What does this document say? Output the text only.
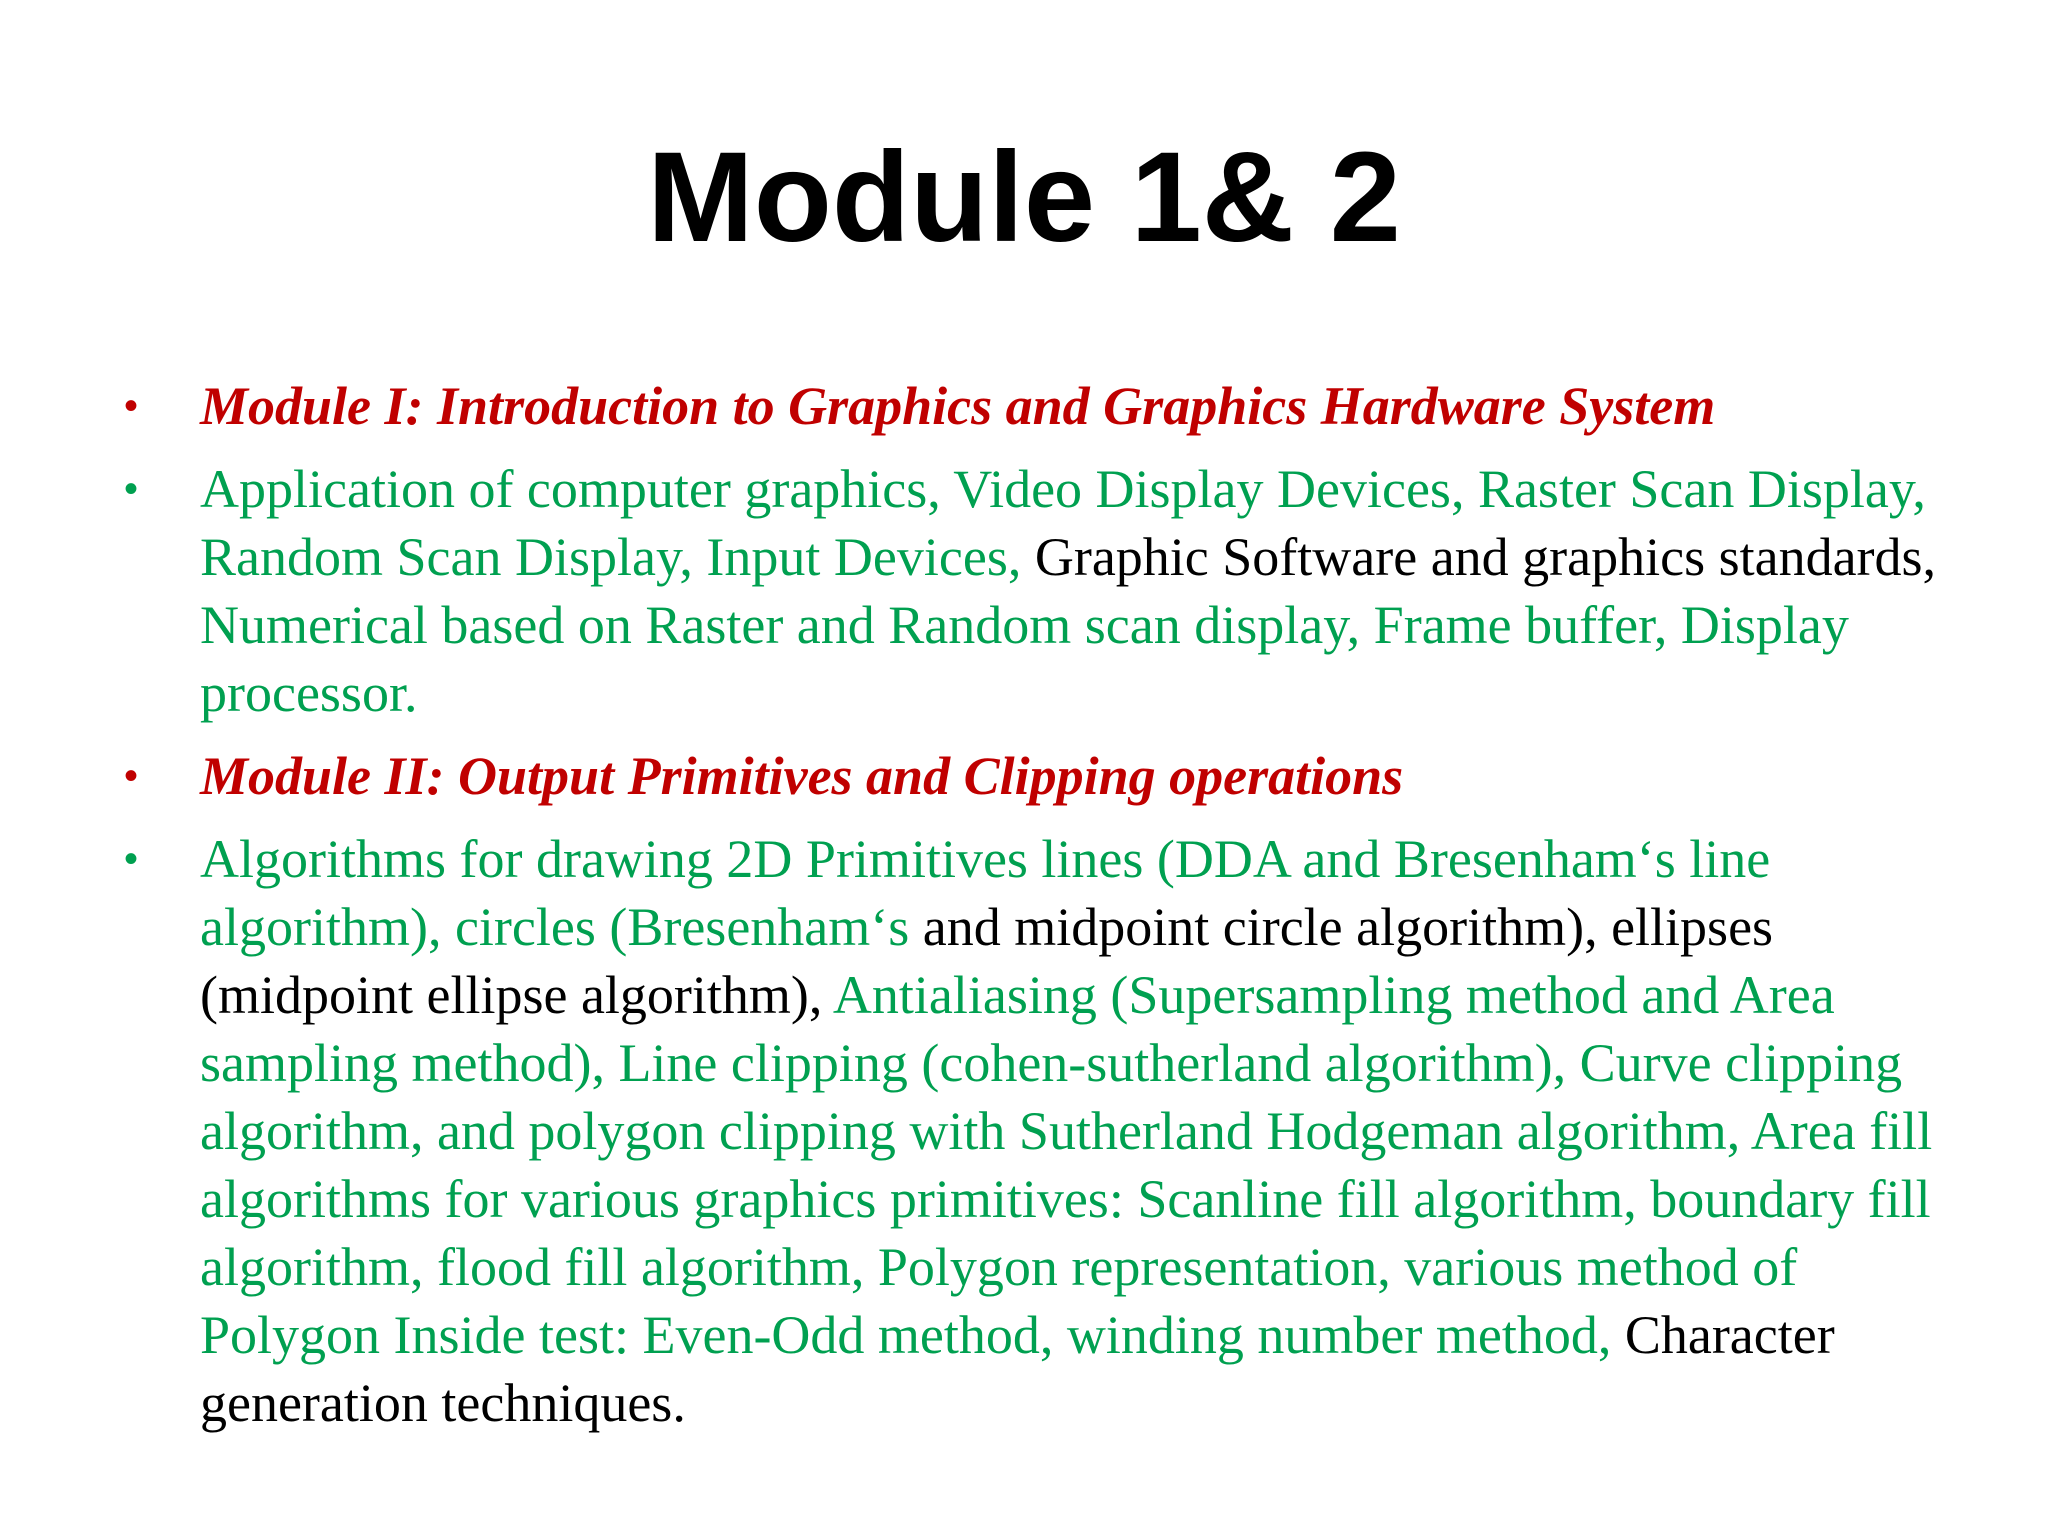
Module 1& 2
• Module I: Introduction to Graphics and Graphics Hardware System
• Application of computer graphics, Video Display Devices, Raster Scan Display, Random Scan Display, Input Devices, Graphic Software and graphics standards, Numerical based on Raster and Random scan display, Frame buffer, Display processor.
• Module II: Output Primitives and Clipping operations
• Algorithms for drawing 2D Primitives lines (DDA and Bresenham‘s line algorithm), circles (Bresenham‘s and midpoint circle algorithm), ellipses (midpoint ellipse algorithm), Antialiasing (Supersampling method and Area sampling method), Line clipping (cohen-sutherland algorithm), Curve clipping algorithm, and polygon clipping with Sutherland Hodgeman algorithm, Area fill algorithms for various graphics primitives: Scanline fill algorithm, boundary fill algorithm, flood fill algorithm, Polygon representation, various method of Polygon Inside test: Even-Odd method, winding number method, Character generation techniques.
